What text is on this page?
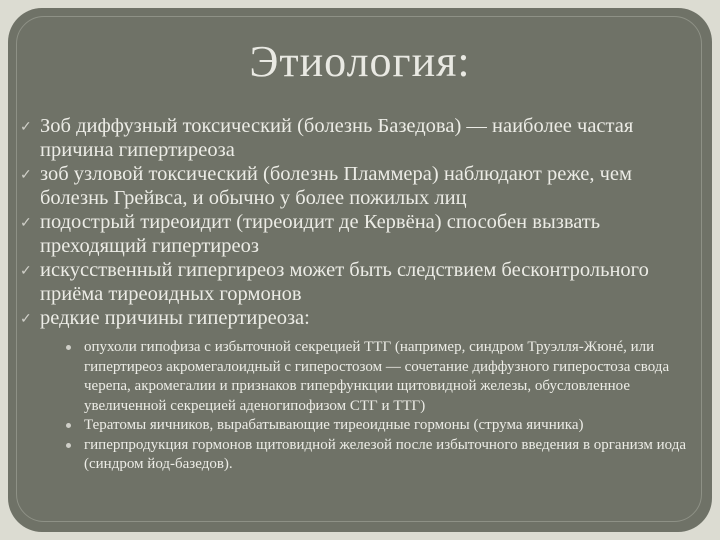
Этиология:
✓ Зоб диффузный токсический (болезнь Базедова) — наиболее частая причина гипертиреоза
✓ зоб узловой токсический (болезнь Пламмера) наблюдают реже, чем болезнь Грейвса, и обычно у более пожилых лиц
✓ подострый тиреоидит (тиреоидит де Кервёна) способен вызвать преходящий гипертиреоз
✓ искусственный гипергиреоз может быть следствием бесконтрольного приёма тиреоидных гормонов
✓ редкие причины гипертиреоза:
опухоли гипофиза с избыточной секрецией ТТГ (например, синдром Труэлля-Жюнé, или гипертиреоз акромегалоидный с гиперостозом — сочетание диффузного гиперостоза свода черепа, акромегалии и признаков гиперфункции щитовидной железы, обусловленное увеличенной секрецией аденогипофизом СТГ и ТТГ)
Тератомы яичников, вырабатывающие тиреоидные гормоны (струма яичника)
гиперпродукция гормонов щитовидной железой после избыточного введения в организм иода (синдром йод-базедов).
